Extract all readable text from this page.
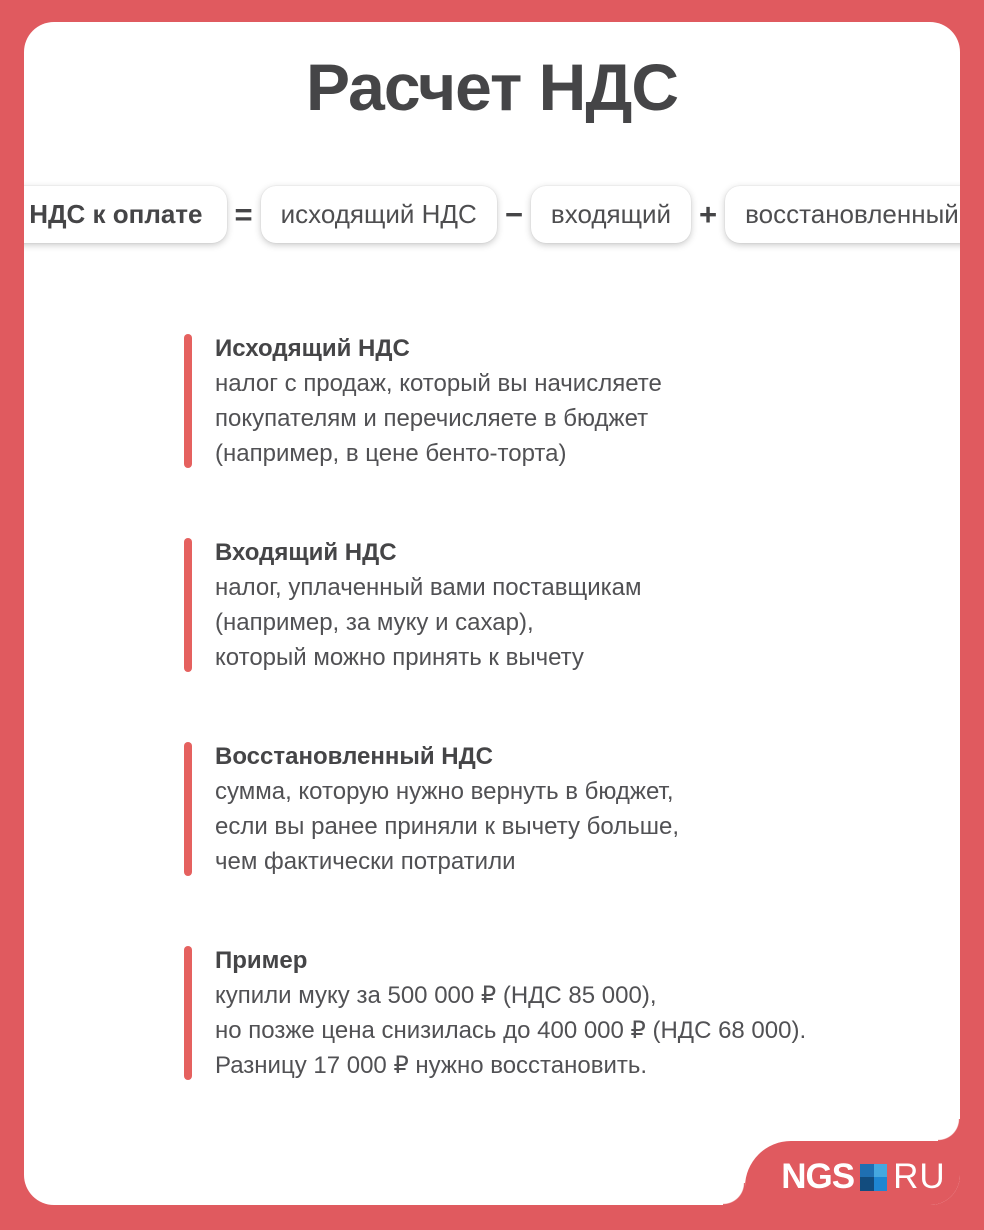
Расчет НДС
НДС к оплате	=	исходящий НДС −	входящий +	восстановленный
Исходящий НДС
налог с продаж, который вы начисляете
покупателям и перечисляете в бюджет
(например, в цене бенто-торта)
Входящий НДС
налог, уплаченный вами поставщикам
(например, за муку и сахар),
который можно принять к вычету
Восстановленный НДС
сумма, которую нужно вернуть в бюджет,
если вы ранее приняли к вычету больше,
чем фактически потратили
Пример
купили муку за 500 000 ₽ (НДС 85 000),
но позже цена снизилась до 400 000 ₽ (НДС 68 000).
Разницу 17 000 ₽ нужно восстановить.
NGS RU
